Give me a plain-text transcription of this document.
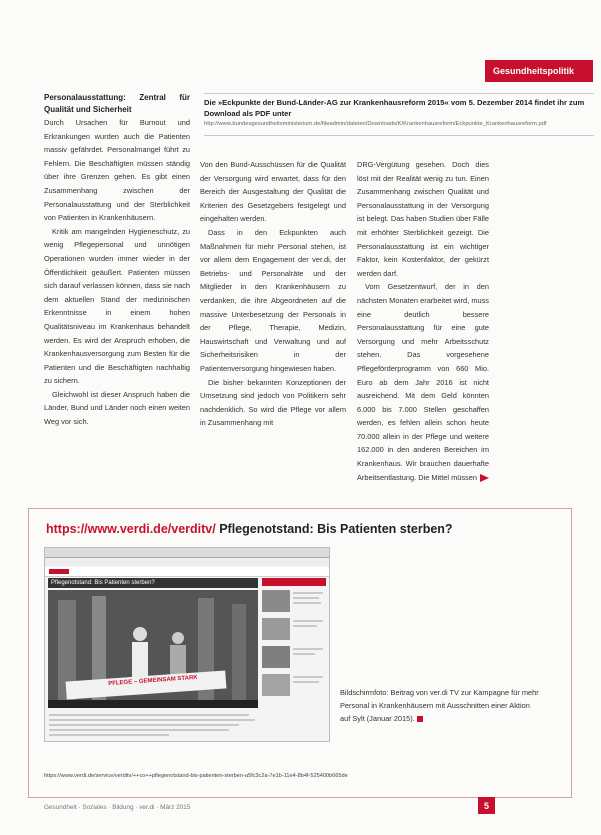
Gesundheitspolitik
Die »Eckpunkte der Bund-Länder-AG zur Krankenhausreform 2015« vom 5. Dezember 2014 findet ihr zum Download als PDF unter
http://www.bundesgesundheitsministerium.de/fileadmin/dateien/Downloads/K/Krankenhausreform/Eckpunkte_Krankenhausreform.pdf
Personalausstattung: Zentral für Qualität und Sicherheit
Durch Ursachen für Burnout und Erkrankungen wurden auch die Patienten massiv gefährdet. Personalmangel führt zu Fehlern. Die Beschäftigten müssen ständig über ihre Grenzen gehen. Es gibt einen Zusammenhang zwischen der Personalausstattung und der Sterblichkeit von Patienten in Krankenhäusern.
Kritik am mangelnden Hygieneschutz, zu wenig Pflegepersonal und unnötigen Operationen wurden immer wieder in der Öffentlichkeit geäußert. Patienten müssen sich darauf verlassen können, dass sie nach dem aktuellen Stand der medizinischen Erkenntnisse in einem hohen Qualitätsniveau im Krankenhaus behandelt werden. Es wird der Anspruch erhoben, die Krankenhausversorgung zum Besten für die Patienten und die Beschäftigten nachhaltig zu sichern.
Gleichwohl ist dieser Anspruch haben die Länder, Bund und Länder noch einen weiten Weg vor sich.
Von den Bund-Ausschüssen für die Qualität der Versorgung wird erwartet, dass für den Bereich der Ausgestaltung der Qualität die Kriterien des Gesetzgebers festgelegt und eingehalten werden.
Dass in den Eckpunkten auch Maßnahmen für mehr Personal stehen, ist vor allem dem Engagement der ver.di, der Betriebs- und Personalräte und der Mitglieder in den Krankenhäusern zu verdanken, die ihre Abgeordneten auf die massive Unterbesetzung der Personals in der Pflege, Therapie, Medizin, Hauswirtschaft und Verwaltung und auf Sicherheitsrisiken in der Patientenversorgung hingewiesen haben.
Die bisher bekannten Konzeptionen der Umsetzung sind jedoch von Politikern sehr nachdenklich. So wird die Pflege vor allem in Zusammenhang mit
DRG-Vergütung gesehen. Doch dies löst mit der Realität wenig zu tun. Einen Zusammenhang zwischen Qualität und Personalausstattung in der Versorgung ist belegt. Das haben Studien über Fälle mit erhöhter Sterblichkeit gezeigt. Die Personalausstattung ist ein wichtiger Faktor, kein Kostenfaktor, der gekürzt werden darf.
Vom Gesetzentwurf, der in den nächsten Monaten erarbeitet wird, muss eine deutlich bessere Personalausstattung für eine gute Versorgung und mehr Arbeitsschutz stehen. Das vorgesehene Pflegeförderprogramm von 660 Mio. Euro ab dem Jahr 2016 ist nicht ausreichend. Mit dem Geld könnten 6.000 bis 7.000 Stellen geschaffen werden, es fehlen allein schon heute 70.000 allein in der Pflege und weitere 162.000 in den anderen Bereichen im Krankenhaus. Wir brauchen dauerhafte Arbeitsentlastung. Die Mittel müssen
https://www.verdi.de/verditv/ Pflegenotstand: Bis Patienten sterben?
Pflegenotstand: Bis Patienten sterben?
PFLEGE – GEMEINSAM STARK
Bildschirmfoto: Beitrag von ver.di TV zur Kampagne für mehr Personal in Krankenhäusern mit Ausschnitten einer Aktion auf Sylt (Januar 2015).
https://www.verdi.de/service/verditv/++co++pflegenotstand-bis-patienten-sterben-a5fc3c2a-7e1b-11e4-8b4f-525400b665de
Gesundheit · Soziales · Bildung · ver.di · März 2015	5
